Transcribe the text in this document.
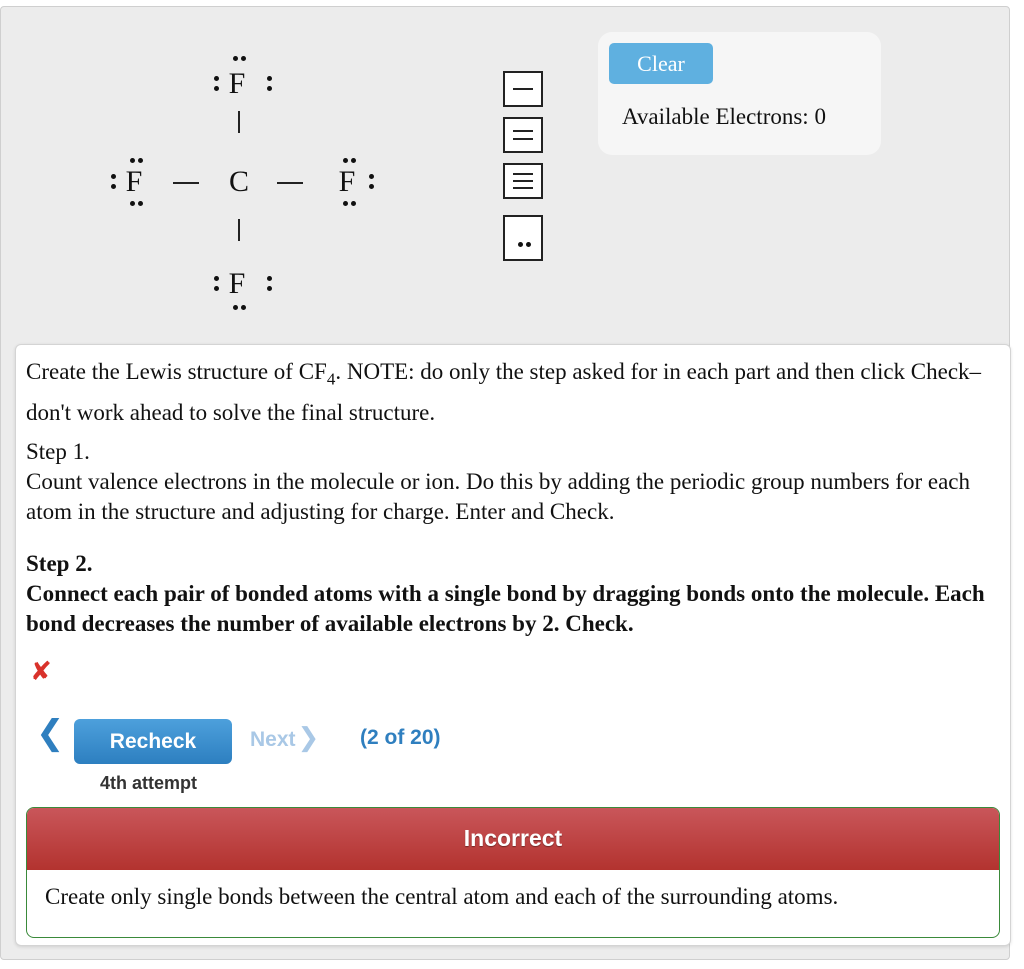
F
F	C	F
F
Clear
Available Electrons: 0
Create the Lewis structure of $CF_4$. NOTE: do only the step asked for in each part and then click Check–don't work ahead to solve the final structure.
Step 1.
Count valence electrons in the molecule or ion. Do this by adding the periodic group numbers for each atom in the structure and adjusting for charge. Enter and Check.
Step 2.
Connect each pair of bonded atoms with a single bond by dragging bonds onto the molecule. Each bond decreases the number of available electrons by 2. Check.
✘
❮	Recheck	Next❯ (2 of 20)
4th attempt
Incorrect
Create only single bonds between the central atom and each of the surrounding atoms.
